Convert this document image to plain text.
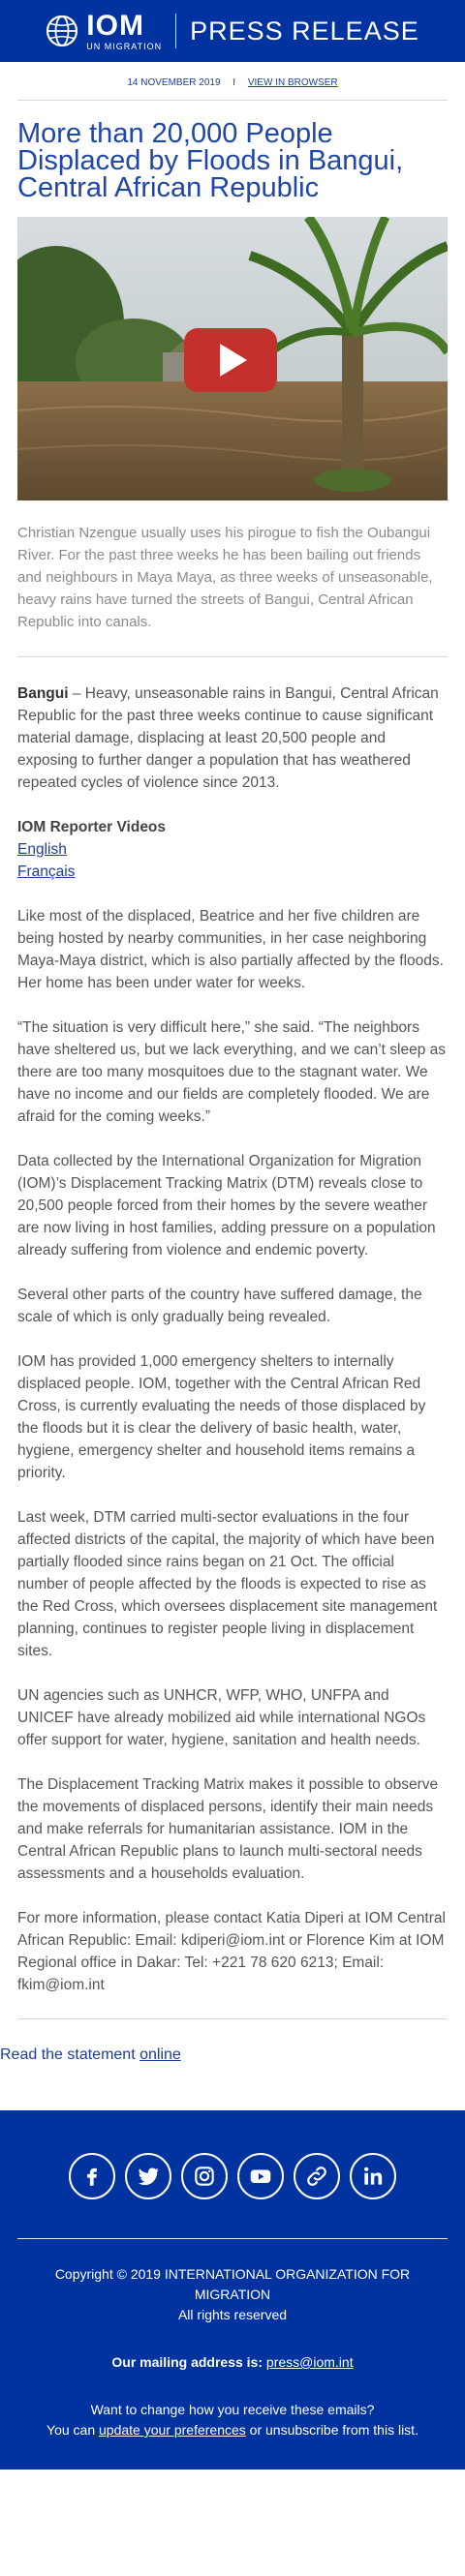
IOM
UN MIGRATION
PRESS RELEASE
14 NOVEMBER 2019 I VIEW IN BROWSER
More than 20,000 People Displaced by Floods in Bangui, Central African Republic

Christian Nzengue usually uses his pirogue to fish the Oubangui River. For the past three weeks he has been bailing out friends and neighbours in Maya Maya, as three weeks of unseasonable, heavy rains have turned the streets of Bangui, Central African Republic into canals.

Bangui – Heavy, unseasonable rains in Bangui, Central African Republic for the past three weeks continue to cause significant material damage, displacing at least 20,500 people and exposing to further danger a population that has weathered repeated cycles of violence since 2013.

IOM Reporter Videos
English
Français

Like most of the displaced, Beatrice and her five children are being hosted by nearby communities, in her case neighboring Maya-Maya district, which is also partially affected by the floods. Her home has been under water for weeks.

“The situation is very difficult here,” she said. “The neighbors have sheltered us, but we lack everything, and we can’t sleep as there are too many mosquitoes due to the stagnant water. We have no income and our fields are completely flooded. We are afraid for the coming weeks.”

Data collected by the International Organization for Migration (IOM)’s Displacement Tracking Matrix (DTM) reveals close to 20,500 people forced from their homes by the severe weather are now living in host families, adding pressure on a population already suffering from violence and endemic poverty.

Several other parts of the country have suffered damage, the scale of which is only gradually being revealed.

IOM has provided 1,000 emergency shelters to internally displaced people. IOM, together with the Central African Red Cross, is currently evaluating the needs of those displaced by the floods but it is clear the delivery of basic health, water, hygiene, emergency shelter and household items remains a priority.

Last week, DTM carried multi-sector evaluations in the four affected districts of the capital, the majority of which have been partially flooded since rains began on 21 Oct. The official number of people affected by the floods is expected to rise as the Red Cross, which oversees displacement site management planning, continues to register people living in displacement sites.

UN agencies such as UNHCR, WFP, WHO, UNFPA and UNICEF have already mobilized aid while international NGOs offer support for water, hygiene, sanitation and health needs.

The Displacement Tracking Matrix makes it possible to observe the movements of displaced persons, identify their main needs and make referrals for humanitarian assistance. IOM in the Central African Republic plans to launch multi-sectoral needs assessments and a households evaluation.

For more information, please contact Katia Diperi at IOM Central African Republic: Email: kdiperi@iom.int or Florence Kim at IOM Regional office in Dakar: Tel: +221 78 620 6213; Email: fkim@iom.int

Read the statement online

Copyright © 2019 INTERNATIONAL ORGANIZATION FOR MIGRATION

All rights reserved

Our mailing address is: press@iom.int

Want to change how you receive these emails?

You can update your preferences or unsubscribe from this list.
